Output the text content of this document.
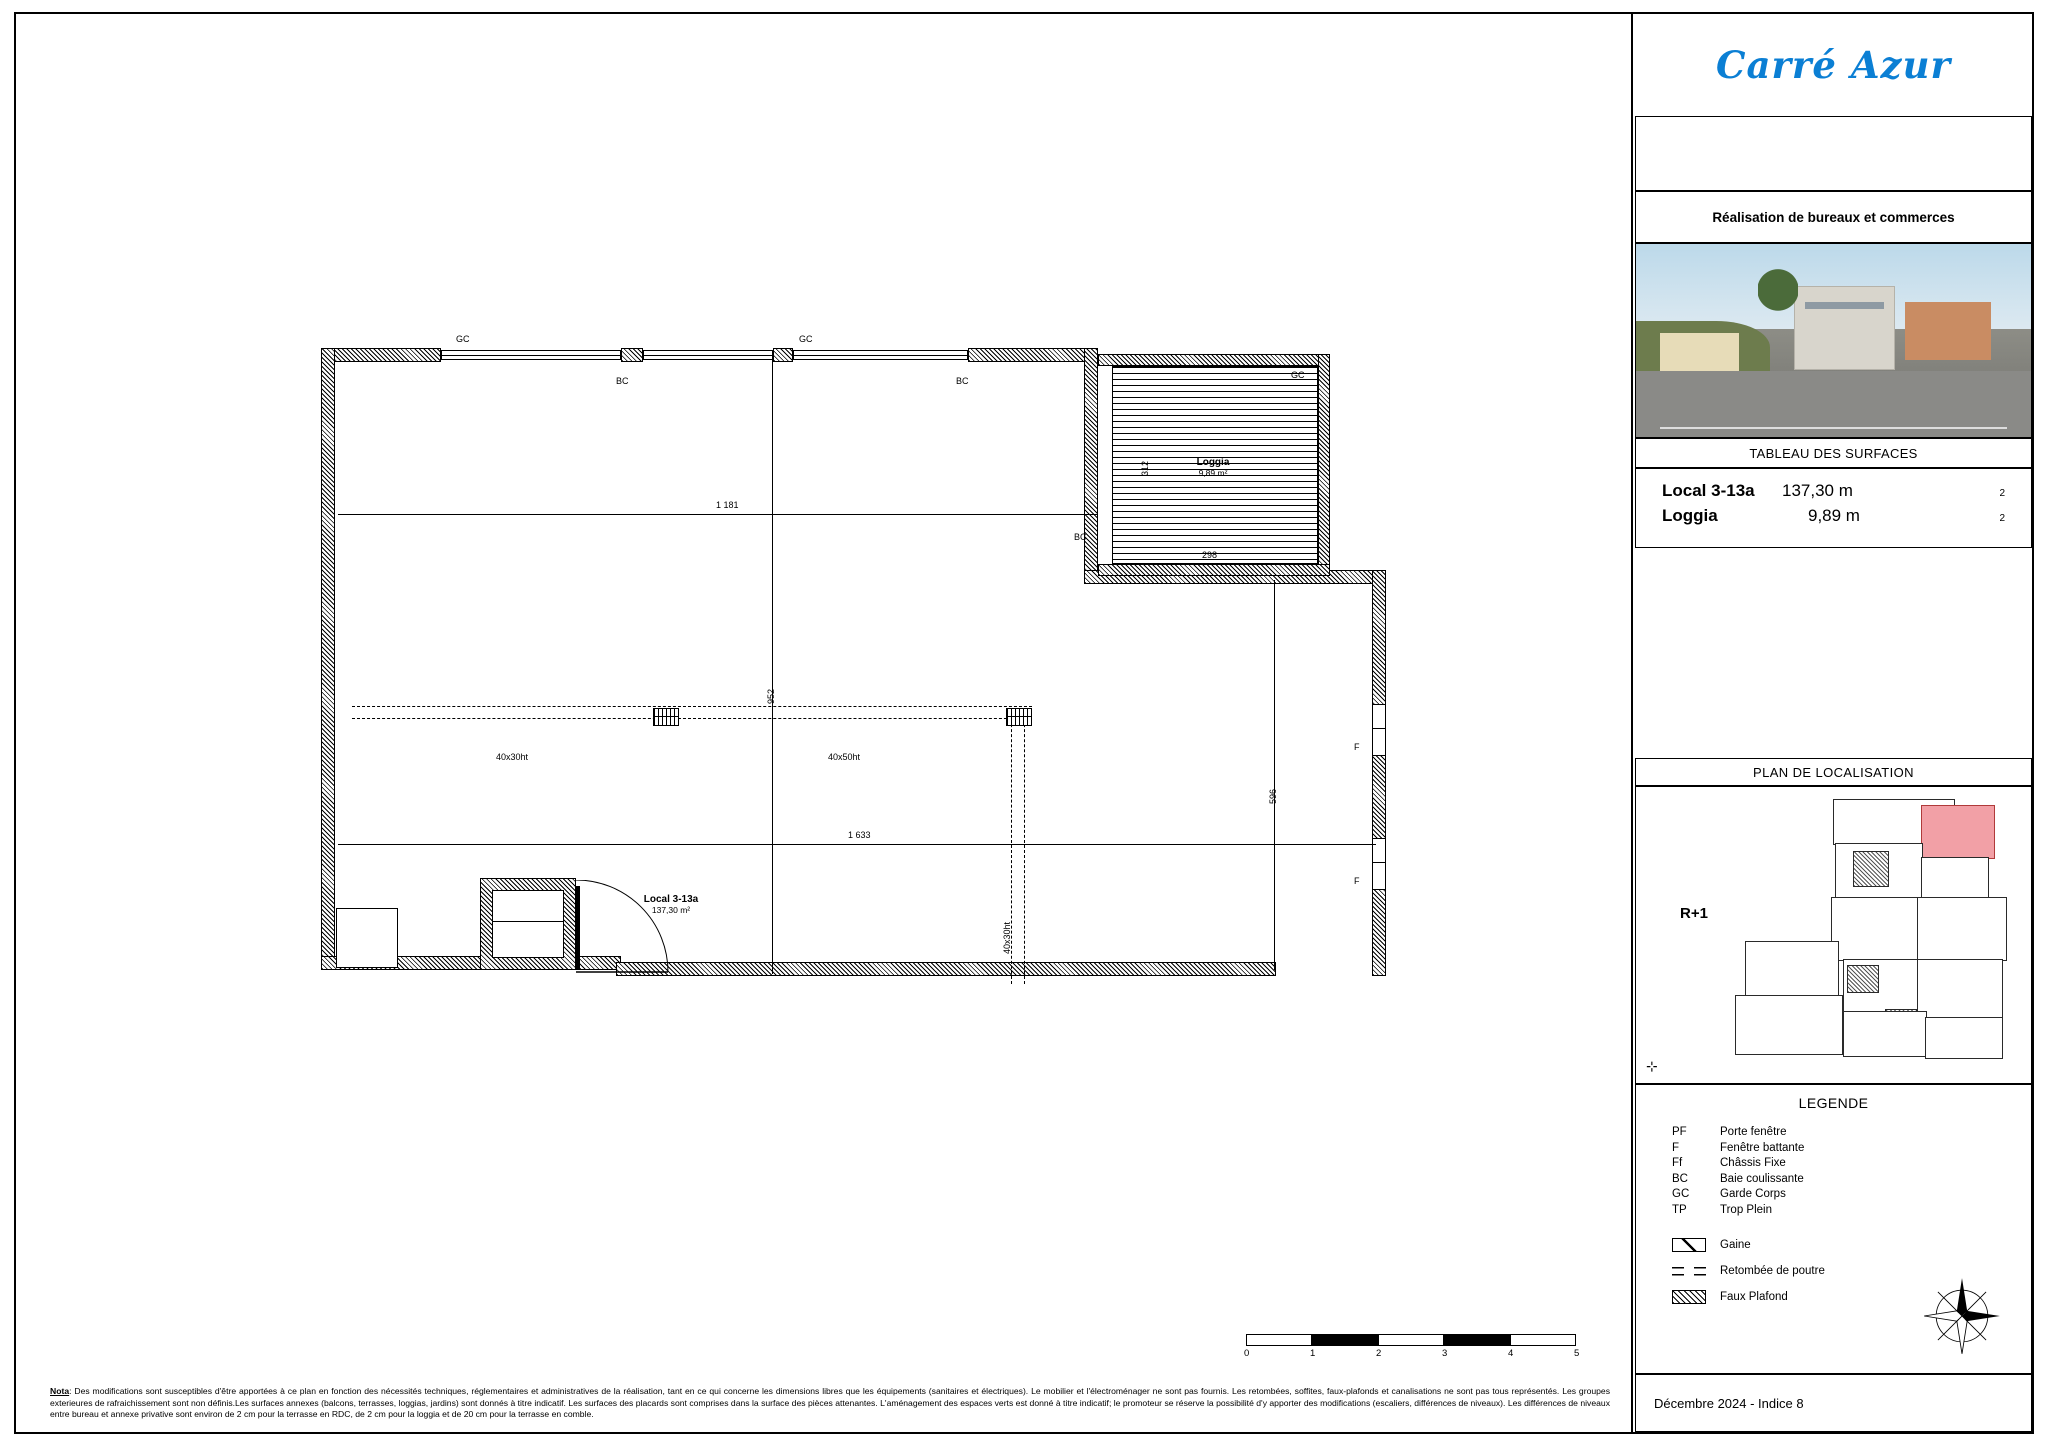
Loggia
9,89 m²
312
298
GC	GC
GC
BC	BC
BC
F
F
1 181
1 633
952
596
40x30ht	40x50ht
40x30ht
Local 3-13a
137,30 m²
0	1	2	3	4	5
Nota: Des modifications sont susceptibles d'être apportées à ce plan en fonction des nécessités techniques, réglementaires et administratives de la réalisation, tant en ce qui concerne les dimensions libres que les équipements (sanitaires et électriques). Le mobilier et l'électroménager ne sont pas fournis. Les retombées, soffites, faux-plafonds et canalisations ne sont pas tous représentés. Les groupes exterieures de rafraichissement sont non définis.Les surfaces annexes (balcons, terrasses, loggias, jardins) sont donnés à titre indicatif. Les surfaces des placards sont comprises dans la surface des pièces attenantes. L'aménagement des espaces verts est donné à titre indicatif; le promoteur se réserve la possibilité d'y apporter des modifications (escaliers, différences de niveaux). Les différences de niveaux entre bureau et annexe privative sont environ de 2 cm pour la terrasse en RDC, de 2 cm pour la loggia et de 20 cm pour la terrasse en comble.
Carré Azur
Réalisation de bureaux et commerces
TABLEAU DES SURFACES
Local 3-13a	137,30 m	2
Loggia	9,89 m	2
PLAN DE LOCALISATION
R+1
⊹
LEGENDE
PF	Porte fenêtre
F	Fenêtre battante
Ff	Châssis Fixe
BC	Baie coulissante
GC	Garde Corps
TP	Trop Plein
Gaine
Retombée de poutre
Faux Plafond
Décembre 2024 - Indice 8
